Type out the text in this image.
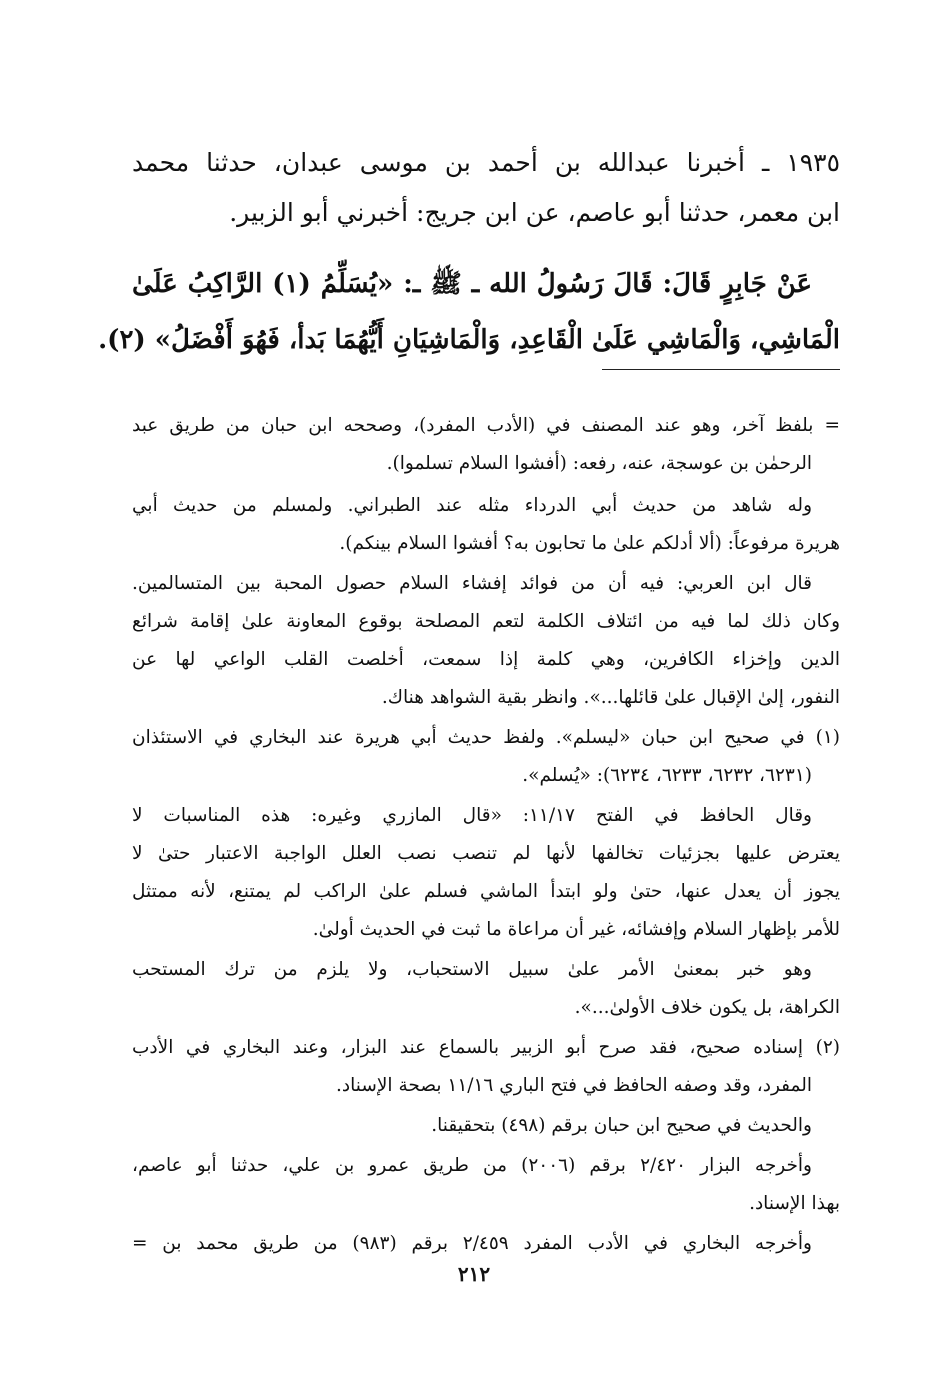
١٩٣٥ ـ أخبرنا عبدالله بن أحمد بن موسى عبدان، حدثنا محمد
ابن معمر، حدثنا أبو عاصم، عن ابن جريج: أخبرني أبو الزبير.
عَنْ جَابِرٍ قَالَ: قَالَ رَسُولُ الله ـ ﷺ ـ: «يُسَلِّمُ (١) الرَّاكِبُ عَلَىٰ
الْمَاشِي، وَالْمَاشِي عَلَىٰ الْقَاعِدِ، وَالْمَاشِيَانِ أَيُّهُمَا بَدأ، فَهُوَ أَفْضَلُ» (٢).
= بلفظ آخر، وهو عند المصنف في (الأدب المفرد)، وصححه ابن حبان من طريق عبد
الرحمٰن بن عوسجة، عنه، رفعه: (أفشوا السلام تسلموا).
وله شاهد من حديث أبي الدرداء مثله عند الطبراني. ولمسلم من حديث أبي
هريرة مرفوعاً: (ألا أدلكم علىٰ ما تحابون به؟ أفشوا السلام بينكم).
قال ابن العربي: فيه أن من فوائد إفشاء السلام حصول المحبة بين المتسالمين.
وكان ذلك لما فيه من ائتلاف الكلمة لتعم المصلحة بوقوع المعاونة علىٰ إقامة شرائع
الدين وإخزاء الكافرين، وهي كلمة إذا سمعت، أخلصت القلب الواعي لها عن
النفور، إلىٰ الإقبال علىٰ قائلها...». وانظر بقية الشواهد هناك.
(١) في صحيح ابن حبان «ليسلم». ولفظ حديث أبي هريرة عند البخاري في الاستئذان
(٦٢٣١، ٦٢٣٢، ٦٢٣٣، ٦٢٣٤): «يُسلم».
وقال الحافظ في الفتح ١١/١٧: «قال المازري وغيره: هذه المناسبات لا
يعترض عليها بجزئيات تخالفها لأنها لم تنصب نصب العلل الواجبة الاعتبار حتىٰ لا
يجوز أن يعدل عنها، حتىٰ ولو ابتدأ الماشي فسلم علىٰ الراكب لم يمتنع، لأنه ممتثل
للأمر بإظهار السلام وإفشائه، غير أن مراعاة ما ثبت في الحديث أولىٰ.
وهو خبر بمعنىٰ الأمر علىٰ سبيل الاستحباب، ولا يلزم من ترك المستحب
الكراهة، بل يكون خلاف الأولىٰ...».
(٢) إسناده صحيح، فقد صرح أبو الزبير بالسماع عند البزار، وعند البخاري في الأدب
المفرد، وقد وصفه الحافظ في فتح الباري ١١/١٦ بصحة الإسناد.
والحديث في صحيح ابن حبان برقم (٤٩٨) بتحقيقنا.
وأخرجه البزار ٢/٤٢٠ برقم (٢٠٠٦) من طريق عمرو بن علي، حدثنا أبو عاصم،
بهذا الإسناد.
وأخرجه البخاري في الأدب المفرد ٢/٤٥٩ برقم (٩٨٣) من طريق محمد بن =
٢١٢
